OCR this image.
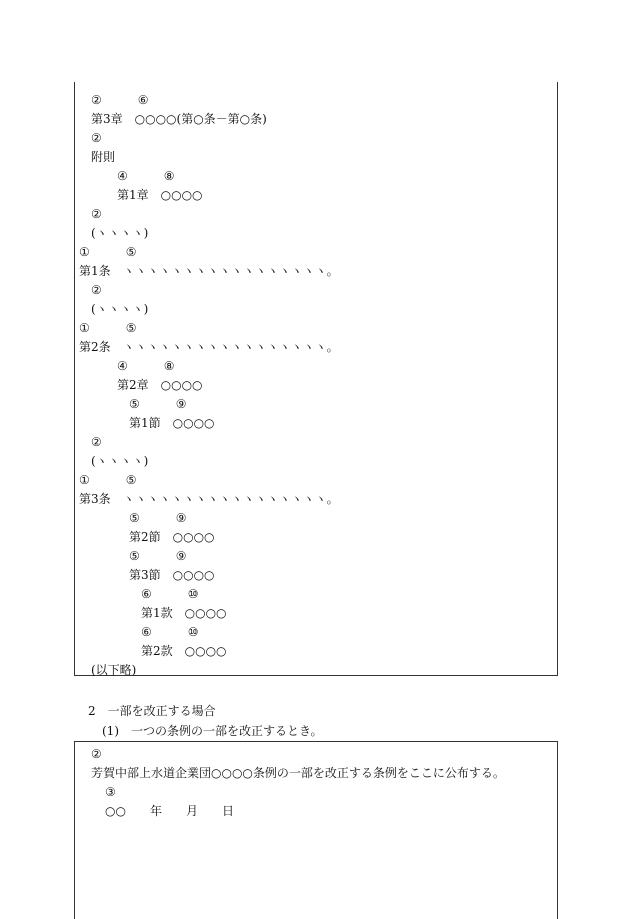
②　　　⑥
第3章　○○○○(第○条－第○条)
②
附則
④　　　⑧
第1章　○○○○
②
(ヽヽヽヽ)
①　　　⑤
第1条　ヽヽヽヽヽヽヽヽヽヽヽヽヽヽヽヽヽ。
②
(ヽヽヽヽ)
①　　　⑤
第2条　ヽヽヽヽヽヽヽヽヽヽヽヽヽヽヽヽヽ。
④　　　⑧
第2章　○○○○
⑤　　　⑨
第1節　○○○○
②
(ヽヽヽヽ)
①　　　⑤
第3条　ヽヽヽヽヽヽヽヽヽヽヽヽヽヽヽヽヽ。
⑤　　　⑨
第2節　○○○○
⑤　　　⑨
第3節　○○○○
⑥　　　⑩
第1款　○○○○
⑥　　　⑩
第2款　○○○○
(以下略)
2　一部を改正する場合
(1)　一つの条例の一部を改正するとき。
②
芳賀中部上水道企業団○○○○条例の一部を改正する条例をここに公布する。
③
○○　　年　　月　　日
